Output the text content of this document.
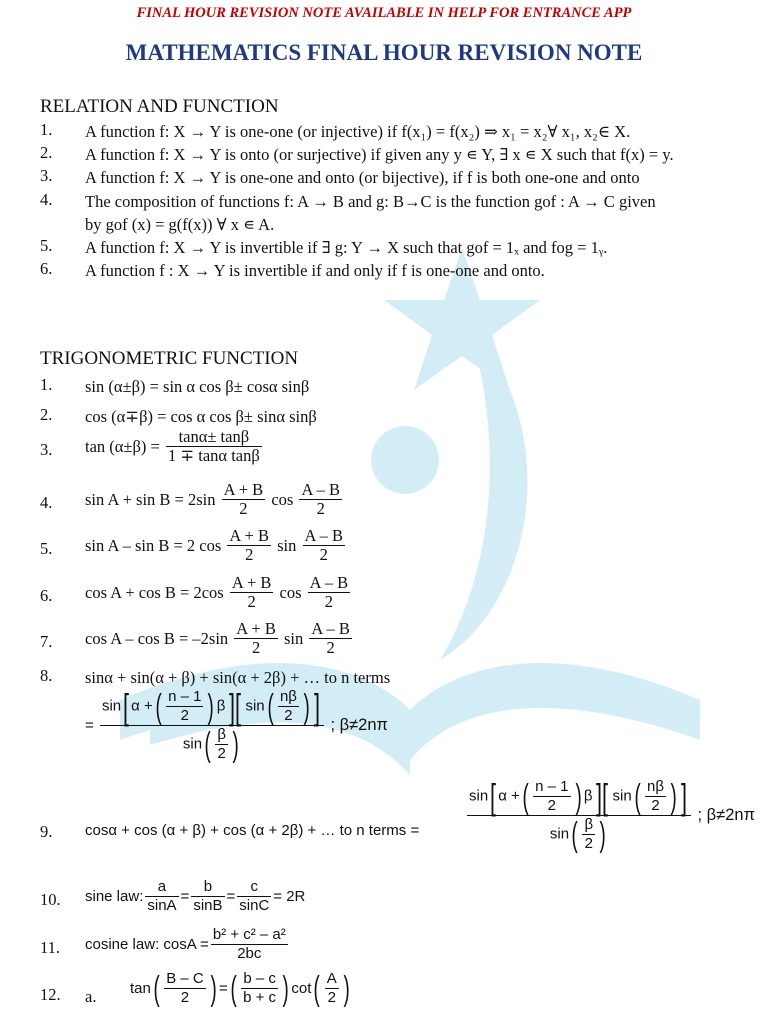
FINAL HOUR REVISION NOTE AVAILABLE IN HELP FOR ENTRANCE APP
MATHEMATICS FINAL HOUR REVISION NOTE
RELATION AND FUNCTION
1. A function f: X → Y is one-one (or injective) if f(x₁) = f(x₂) ⇒ x₁ = x₂∀ x₁, x₂∈ X.
2. A function f: X → Y is onto (or surjective) if given any y ∊ Y, ∃ x ∊ X such that f(x) = y.
3. A function f: X → Y is one-one and onto (or bijective), if f is both one-one and onto
4. The composition of functions f: A → B and g: B→C is the function gof : A → C given
by gof (x) = g(f(x)) ∀ x ∊ A.
5. A function f: X → Y is invertible if ∃ g: Y → X such that gof = 1ₓ and fog = 1ᵧ.
6. A function f : X → Y is invertible if and only if f is one-one and onto.
TRIGONOMETRIC FUNCTION
1. sin (α±β) = sin α cos β± cosα sinβ
2. cos (α∓β) = cos α cos β± sinα sinβ
3. $\tan (\alpha\pm\beta) = \frac{\tan\alpha\pm \tan\beta}{\text{1 ∓ tanα tanβ}}$
4. $\sin A + \sin B = 2\sin \frac{A + B}{2}$ $\cos \frac{A - B}{2}$
5. sin A – sin B = 2 $\cos \frac{A + B}{2}$ $\sin \frac{A - B}{2}$
6. $\cos A + \cos B = 2\cos \frac{A + B}{2}$ $\cos \frac{A - B}{2}$
7. $\cos A - \cos B = -2\sin \frac{A + B}{2}$ $\sin \frac{A - B}{2}$
8. sinα + sin(α + β) + sin(α + 2β) + … to n terms
= $\frac{\sin[ \alpha +( \frac{n - 1}{2} ) \beta ][ \sin( \frac{n\beta}{2} ) ]}{\sin( \frac{\beta}{2} )}$ ; β≠2nπ
9. cosα + cos (α + β) + cos (α + 2β) + … to n terms =	$\frac{\sin[ \alpha +( \frac{n - 1}{2} ) \beta ][ \sin( \frac{n\beta}{2} ) ]}{\sin( \frac{\beta}{2} )}$ ; β≠2nπ
10. sine law: $\frac{a}{\sin A} = \frac{b}{\sin B} = \frac{c}{\sin C} = 2R$
11. cosine law: $\cos A = \frac{\text{b² + c² – a²}}{2bc}$
12. a. $\tan( \frac{B - C}{2}$ ) =( $\frac{b - c}{b + c}$ ) $\cot( \frac{A}{2}$ )
